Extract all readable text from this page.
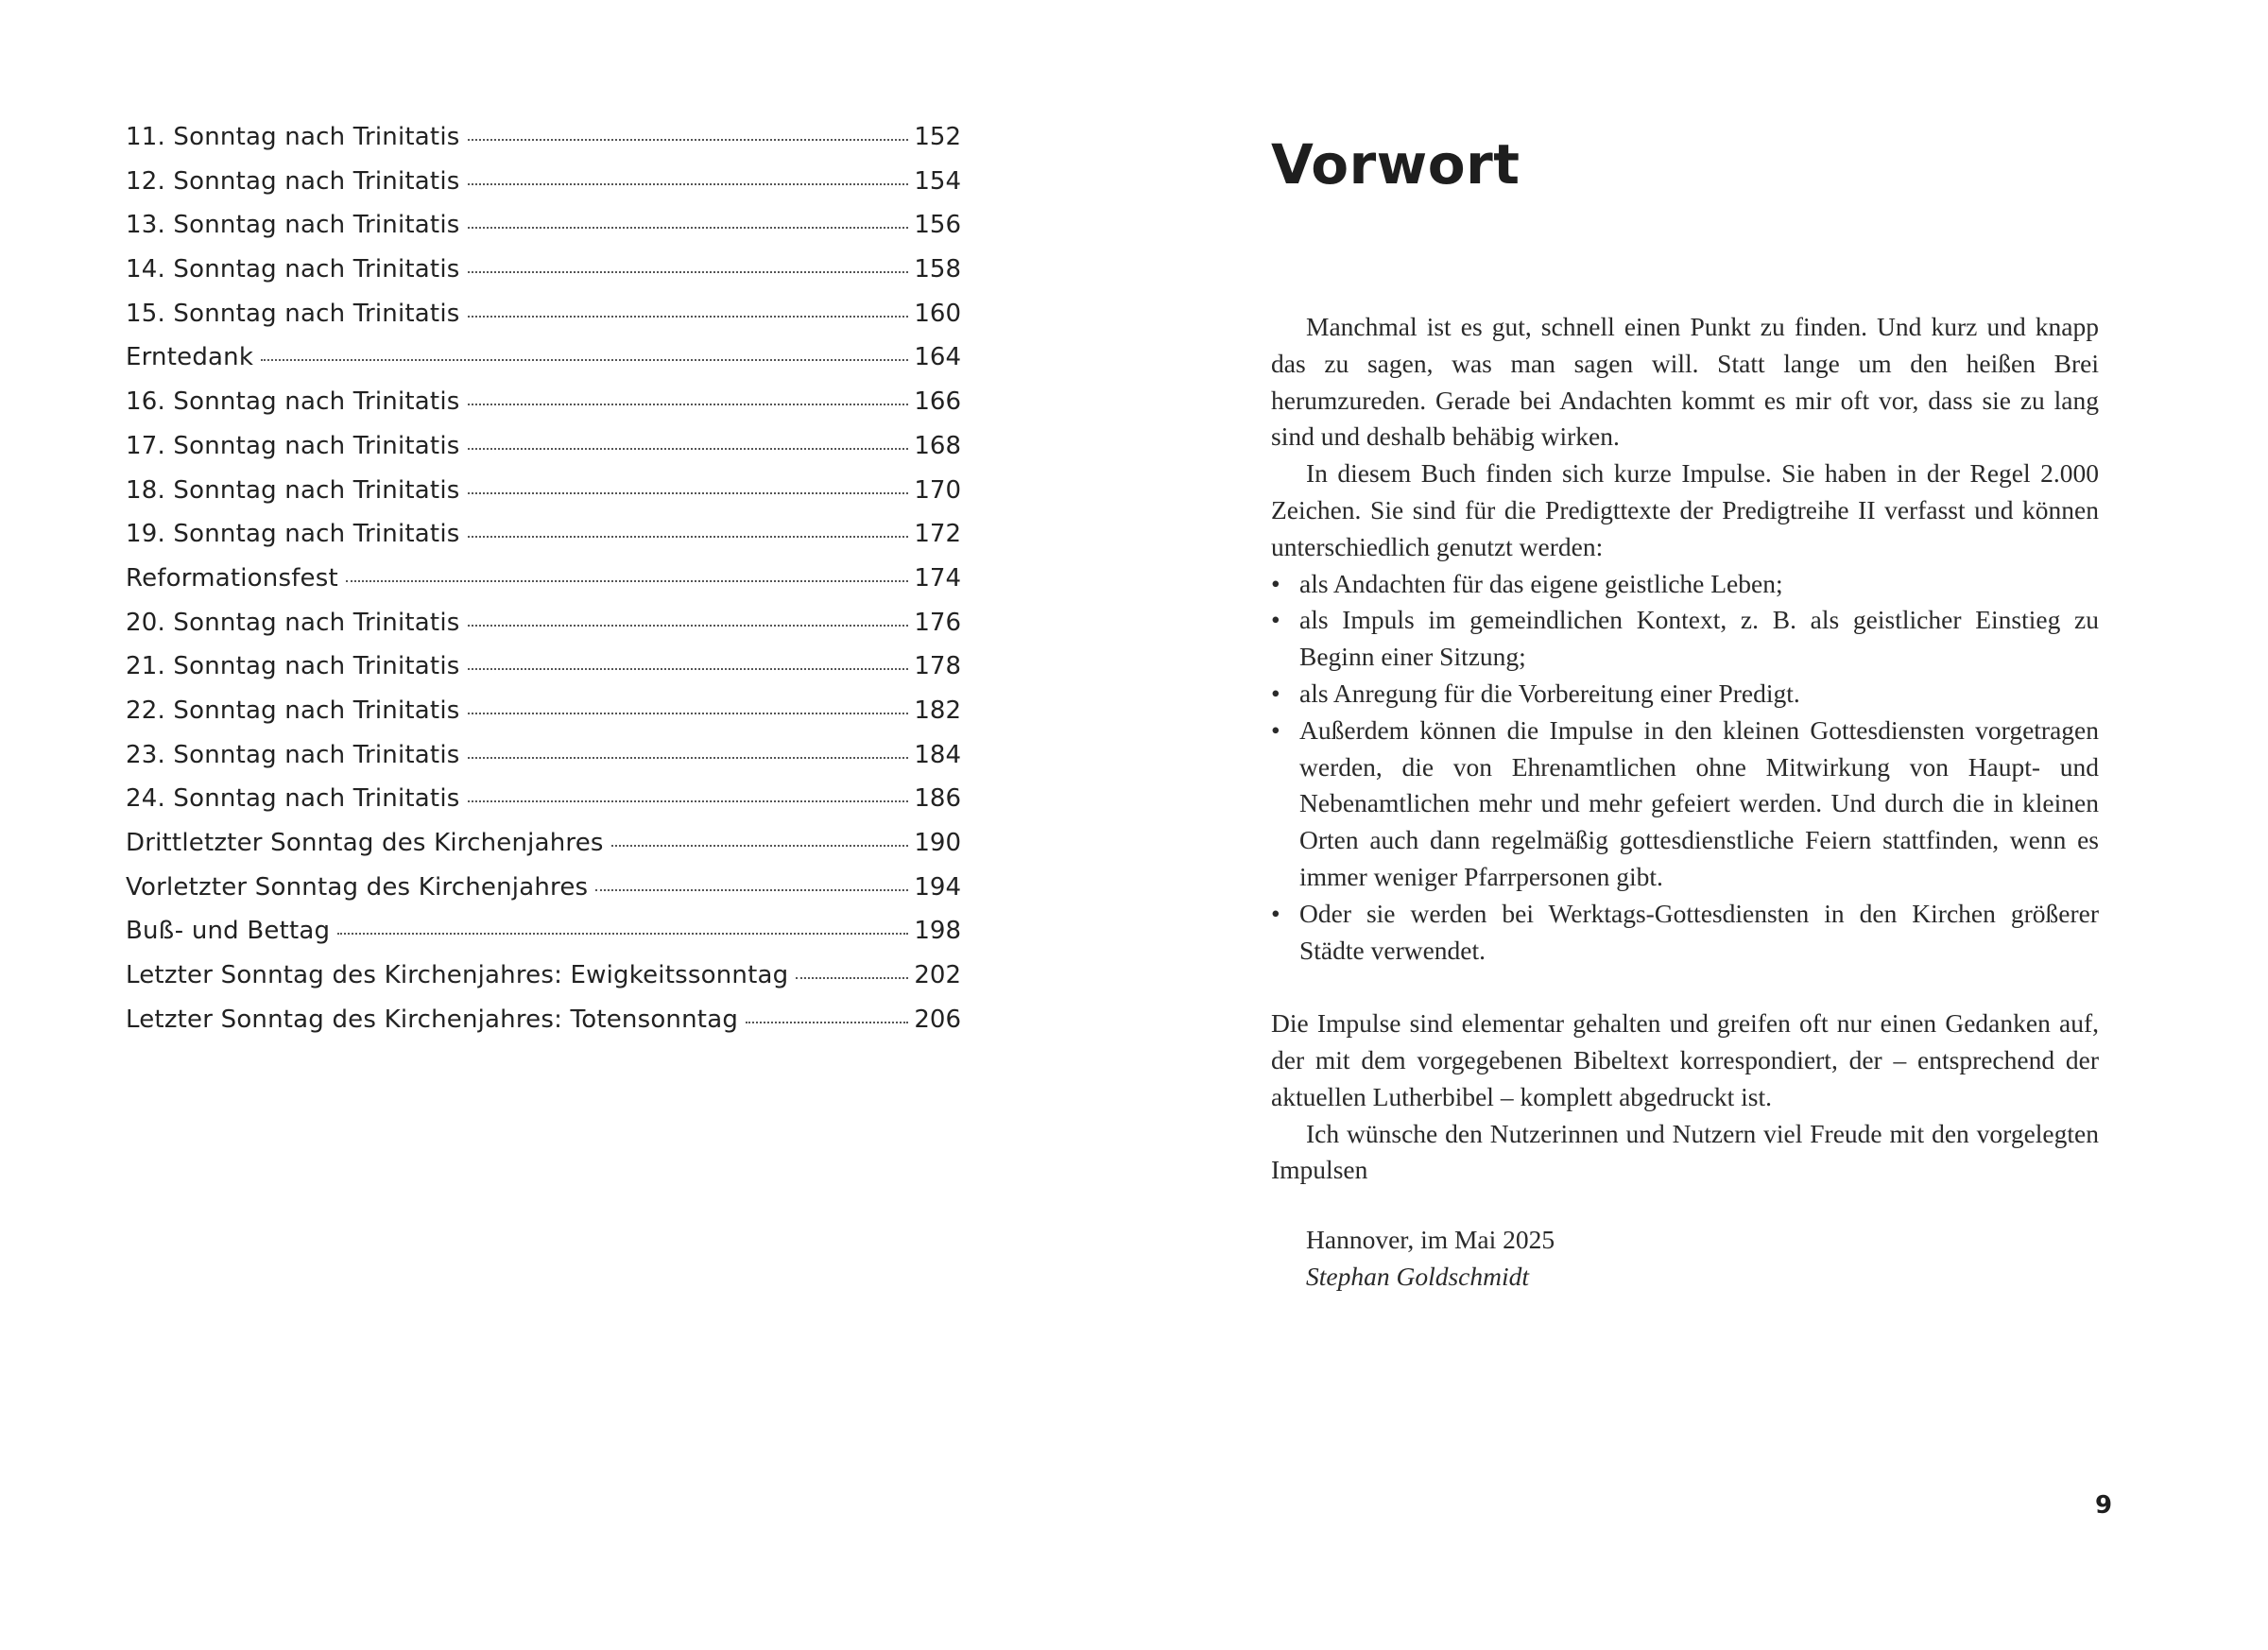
11. Sonntag nach Trinitatis	152
12. Sonntag nach Trinitatis	154
13. Sonntag nach Trinitatis	156
14. Sonntag nach Trinitatis	158
15. Sonntag nach Trinitatis	160
Erntedank	164
16. Sonntag nach Trinitatis	166
17. Sonntag nach Trinitatis	168
18. Sonntag nach Trinitatis	170
19. Sonntag nach Trinitatis	172
Reformationsfest	174
20. Sonntag nach Trinitatis	176
21. Sonntag nach Trinitatis	178
22. Sonntag nach Trinitatis	182
23. Sonntag nach Trinitatis	184
24. Sonntag nach Trinitatis	186
Drittletzter Sonntag des Kirchenjahres	190
Vorletzter Sonntag des Kirchenjahres	194
Buß- und Bettag	198
Letzter Sonntag des Kirchenjahres: Ewigkeitssonntag	202
Letzter Sonntag des Kirchenjahres: Totensonntag	206
Vorwort

Manchmal ist es gut, schnell einen Punkt zu finden. Und kurz und knapp das zu sagen, was man sagen will. Statt lange um den heißen Brei herumzureden. Gerade bei Andachten kommt es mir oft vor, dass sie zu lang sind und deshalb behäbig wirken.

In diesem Buch finden sich kurze Impulse. Sie haben in der Regel 2.000 Zeichen. Sie sind für die Predigttexte der Predigtreihe II verfasst und können unterschiedlich genutzt werden:

• als Andachten für das eigene geistliche Leben;
• als Impuls im gemeindlichen Kontext, z. B. als geistlicher Einstieg zu Beginn einer Sitzung;
• als Anregung für die Vorbereitung einer Predigt.
• Außerdem können die Impulse in den kleinen Gottesdiensten vorgetragen werden, die von Ehrenamtlichen ohne Mitwirkung von Haupt- und Nebenamtlichen mehr und mehr gefeiert werden. Und durch die in kleinen Orten auch dann regelmäßig gottesdienstliche Feiern stattfinden, wenn es immer weniger Pfarrpersonen gibt.
• Oder sie werden bei Werktags-Gottesdiensten in den Kirchen größerer Städte verwendet.

Die Impulse sind elementar gehalten und greifen oft nur einen Gedanken auf, der mit dem vorgegebenen Bibeltext korrespondiert, der – entsprechend der aktuellen Lutherbibel – komplett abgedruckt ist.

Ich wünsche den Nutzerinnen und Nutzern viel Freude mit den vorgelegten Impulsen

Hannover, im Mai 2025
Stephan Goldschmidt
9
